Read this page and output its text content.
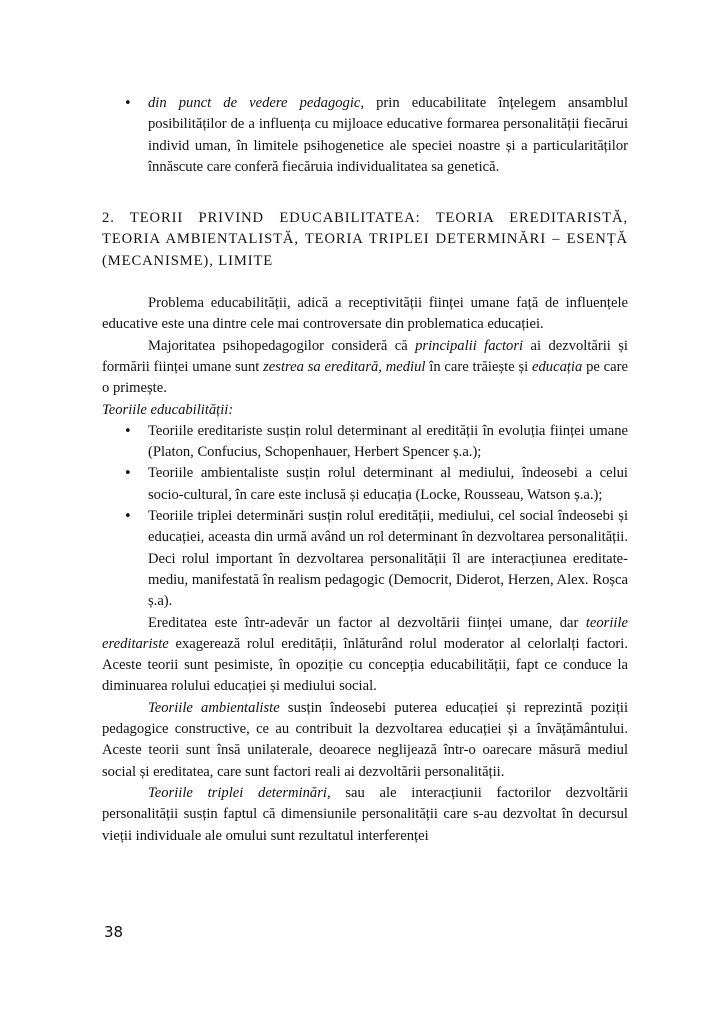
• din punct de vedere pedagogic, prin educabilitate înțelegem ansamblul posibilităților de a influența cu mijloace educative formarea personalității fiecărui individ uman, în limitele psihogenetice ale speciei noastre și a particularităților înnăscute care conferă fiecăruia individualitatea sa genetică.

2. TEORII PRIVIND EDUCABILITATEA: TEORIA EREDITARISTĂ, TEORIA AMBIENTALISTĂ, TEORIA TRIPLEI DETERMINĂRI – ESENȚĂ (MECANISME), LIMITE

Problema educabilității, adică a receptivității ființei umane față de influențele educative este una dintre cele mai controversate din problematica educației.

Majoritatea psihopedagogilor consideră că principalii factori ai dezvoltării și formării ființei umane sunt zestrea sa ereditară, mediul în care trăiește și educația pe care o primește.

Teoriile educabilității:

• Teoriile ereditariste susțin rolul determinant al eredității în evoluția ființei umane (Platon, Confucius, Schopenhauer, Herbert Spencer ș.a.);
• Teoriile ambientaliste susțin rolul determinant al mediului, îndeosebi a celui socio-cultural, în care este inclusă și educația (Locke, Rousseau, Watson ș.a.);
• Teoriile triplei determinări susțin rolul eredității, mediului, cel social îndeosebi și educației, aceasta din urmă având un rol determinant în dezvoltarea personalității. Deci rolul important în dezvoltarea personalității îl are interacțiunea ereditate-mediu, manifestată în realism pedagogic (Democrit, Diderot, Herzen, Alex. Roșca ș.a).

Ereditatea este într-adevăr un factor al dezvoltării ființei umane, dar teoriile ereditariste exagerează rolul eredității, înlăturând rolul moderator al celorlalți factori. Aceste teorii sunt pesimiste, în opoziție cu concepția educabilității, fapt ce conduce la diminuarea rolului educației și mediului social.

Teoriile ambientaliste susțin îndeosebi puterea educației și reprezintă poziții pedagogice constructive, ce au contribuit la dezvoltarea educației și a învățământului. Aceste teorii sunt însă unilaterale, deoarece neglijează într-o oarecare măsură mediul social și ereditatea, care sunt factori reali ai dezvoltării personalității.

Teoriile triplei determinări, sau ale interacțiunii factorilor dezvoltării personalității susțin faptul că dimensiunile personalității care s-au dezvoltat în decursul vieții individuale ale omului sunt rezultatul interferenței

38
